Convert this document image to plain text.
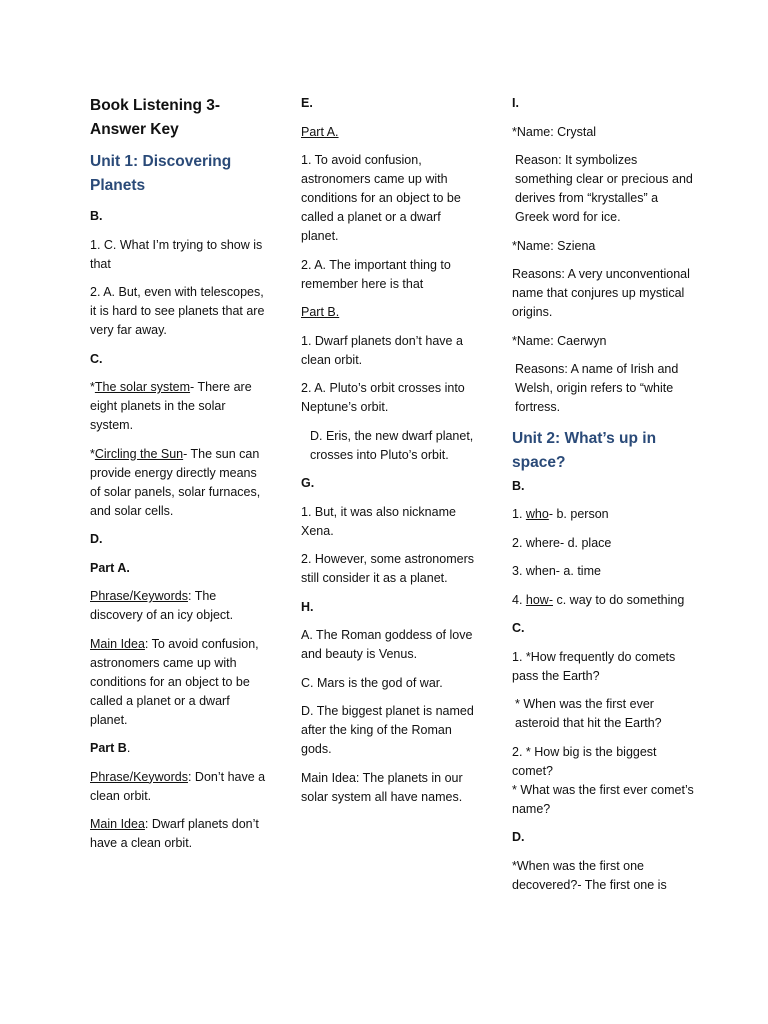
Book Listening 3- Answer Key
Unit 1: Discovering Planets

B.

1. C. What I’m trying to show is that

2. A. But, even with telescopes, it is hard to see planets that are very far away.

C.

*The solar system- There are eight planets in the solar system.

*Circling the Sun- The sun can provide energy directly means of solar panels, solar furnaces, and solar cells.

D.

Part A.

Phrase/Keywords: The discovery of an icy object.

Main Idea: To avoid confusion, astronomers came up with conditions for an object to be called a planet or a dwarf planet.

Part B.

Phrase/Keywords: Don’t have a clean orbit.

Main Idea: Dwarf planets don’t have a clean orbit.

E.

Part A.

1. To avoid confusion, astronomers came up with conditions for an object to be called a planet or a dwarf planet.

2. A. The important thing to remember here is that

Part B.

1. Dwarf planets don’t have a clean orbit.

2. A. Pluto’s orbit crosses into Neptune’s orbit.

D. Eris, the new dwarf planet, crosses into Pluto’s orbit.

G.

1. But, it was also nickname Xena.

2. However, some astronomers still consider it as a planet.

H.

A. The Roman goddess of love and beauty is Venus.

C. Mars is the god of war.

D. The biggest planet is named after the king of the Roman gods.

Main Idea: The planets in our solar system all have names.

I.

*Name: Crystal

Reason: It symbolizes something clear or precious and derives from “krystalles” a Greek word for ice.

*Name: Sziena

Reasons: A very unconventional name that conjures up mystical origins.

*Name: Caerwyn

Reasons: A name of Irish and Welsh, origin refers to “white fortress.

Unit 2: What’s up in space?

B.

1. who- b. person

2. where- d. place

3. when- a. time

4. how- c. way to do something

C.

1. *How frequently do comets pass the Earth?

* When was the first ever asteroid that hit the Earth?

2. * How big is the biggest comet?

* What was the first ever comet’s name?

D.

*When was the first one decovered?- The first one is
